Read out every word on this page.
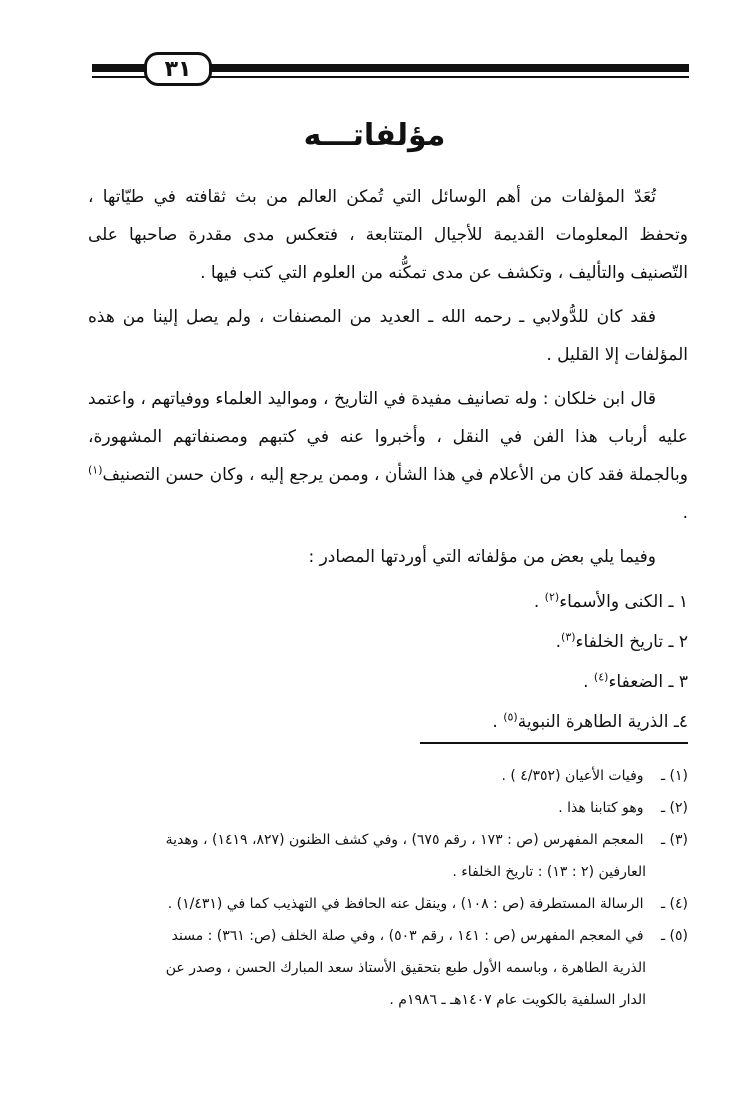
٣١
مؤلفاتـــه

تُعَدّ المؤلفات من أهم الوسائل التي تُمكن العالم من بث ثقافته في طيّاتها ، وتحفظ المعلومات القديمة للأجيال المتتابعة ، فتعكس مدى مقدرة صاحبها على التّصنيف والتأليف ، وتكشف عن مدى تمكُّنه من العلوم التي كتب فيها .

فقد كان للدُّولابي ـ رحمه الله ـ العديد من المصنفات ، ولم يصل إلينا من هذه المؤلفات إلا القليل .

قال ابن خلكان : وله تصانيف مفيدة في التاريخ ، ومواليد العلماء ووفياتهم ، واعتمد عليه أرباب هذا الفن في النقل ، وأخبروا عنه في كتبهم ومصنفاتهم المشهورة، وبالجملة فقد كان من الأعلام في هذا الشأن ، وممن يرجع إليه ، وكان حسن التصنيف$^{(١)}$ .

وفيما يلي بعض من مؤلفاته التي أوردتها المصادر :

١ ـ الكنى والأسماء$^{(٢)}$ .
٢ ـ تاريخ الخلفاء$^{(٣)}$.
٣ ـ الضعفاء$^{(٤)}$ .
٤ـ الذرية الطاهرة النبوية$^{(٥)}$ .

(١) ـ وفيات الأعيان (٤/٣٥٢ ) .

(٢) ـ وهو كتابنا هذا .

(٣) ـ المعجم المفهرس (ص : ١٧٣ ، رقم ٦٧٥) ، وفي كشف الظنون (٨٢٧، ١٤١٩) ، وهدية

العارفين (٢ : ١٣) : تاريخ الخلفاء .

(٤) ـ الرسالة المستطرفة (ص : ١٠٨) ، وينقل عنه الحافظ في التهذيب كما في (١/٤٣١) .

(٥) ـ في المعجم المفهرس (ص : ١٤١ ، رقم ٥٠٣) ، وفي صلة الخلف (ص: ٣٦١) : مسند

الذرية الطاهرة ، وباسمه الأول طبع بتحقيق الأستاذ سعد المبارك الحسن ، وصدر عن

الدار السلفية بالكويت عام ١٤٠٧هـ ـ ١٩٨٦م .
